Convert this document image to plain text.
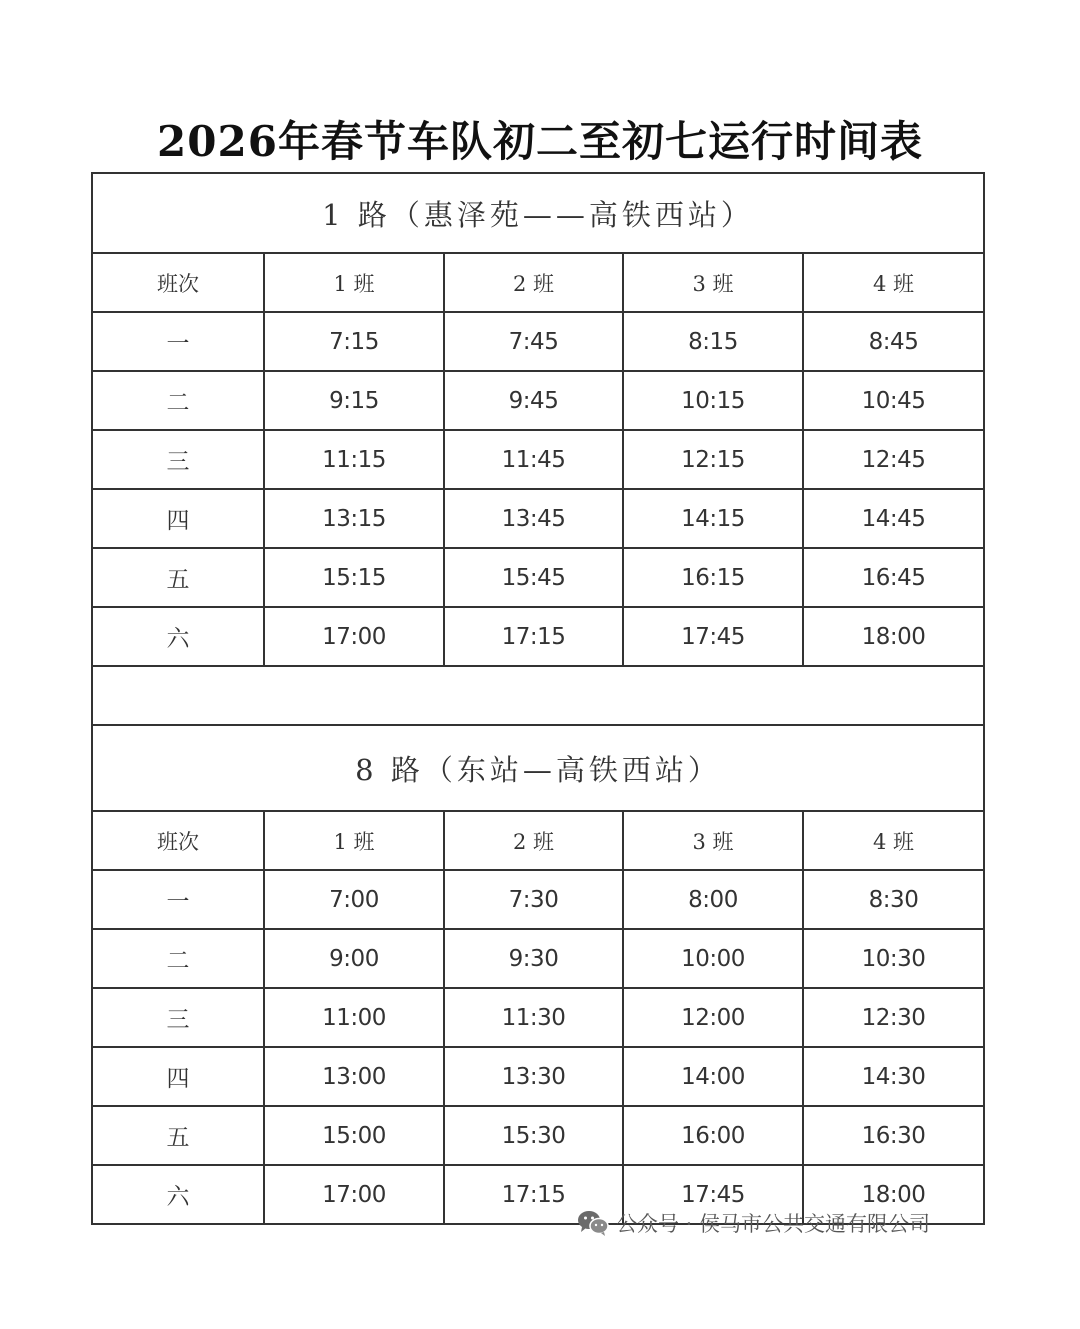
2026年春节车队初二至初七运行时间表
1 路（惠泽苑——高铁西站）				
班次	1 班	2 班	3 班	4 班
一	7:15	7:45	8:15	8:45
二	9:15	9:45	10:15	10:45
三	11:15	11:45	12:15	12:45
四	13:15	13:45	14:15	14:45
五	15:15	15:45	16:15	16:45
六	17:00	17:15	17:45	18:00

8 路（东站—高铁西站）				
班次	1 班	2 班	3 班	4 班
一	7:00	7:30	8:00	8:30
二	9:00	9:30	10:00	10:30
三	11:00	11:30	12:00	12:30
四	13:00	13:30	14:00	14:30
五	15:00	15:30	16:00	16:30
六	17:00	17:15	17:45	18:00
公众号 · 侯马市公共交通有限公司
